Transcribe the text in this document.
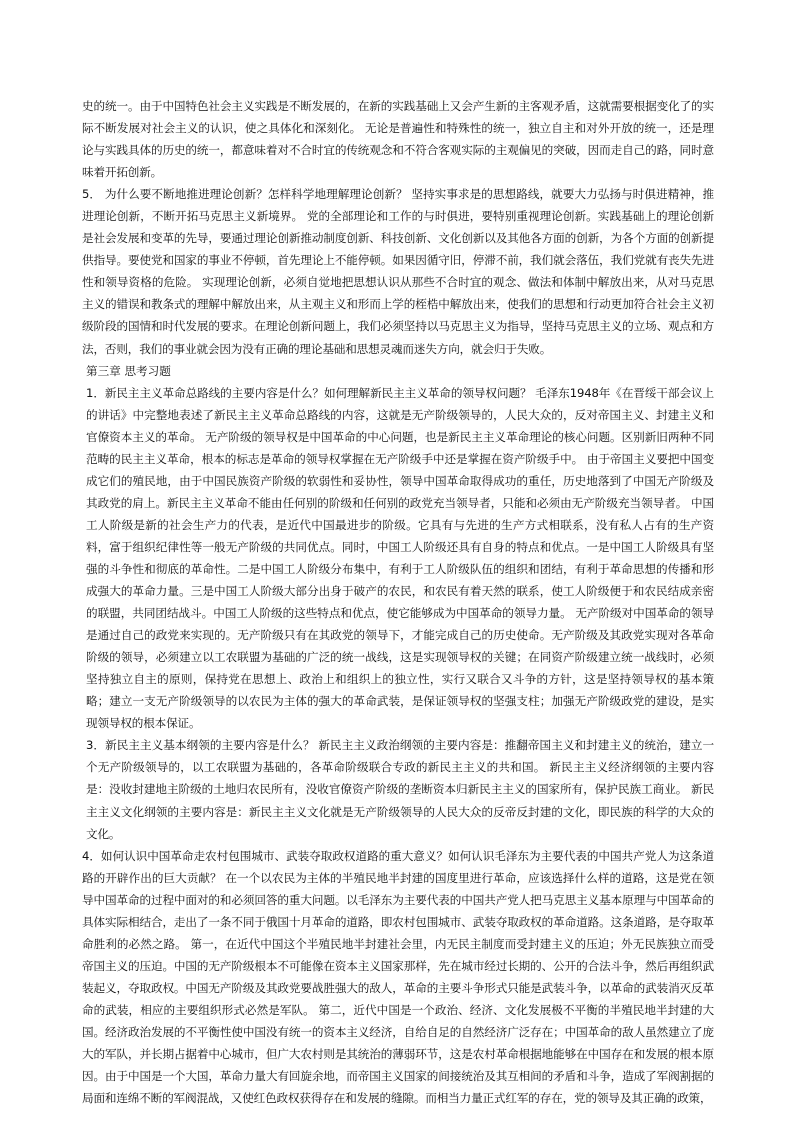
史的统一。由于中国特色社会主义实践是不断发展的，在新的实践基础上又会产生新的主客观矛盾，这就需要根据变化了的实际不断发展对社会主义的认识，使之具体化和深刻化。 无论是普遍性和特殊性的统一，独立自主和对外开放的统一，还是理论与实践具体的历史的统一，都意味着对不合时宜的传统观念和不符合客观实际的主观偏见的突破，因而走自己的路，同时意味着开拓创新。

5． 为什么要不断地推进理论创新？怎样科学地理解理论创新？ 坚持实事求是的思想路线，就要大力弘扬与时俱进精神，推进理论创新，不断开拓马克思主义新境界。 党的全部理论和工作的与时俱进，要特别重视理论创新。实践基础上的理论创新是社会发展和变革的先导，要通过理论创新推动制度创新、科技创新、文化创新以及其他各方面的创新，为各个方面的创新提供指导。要使党和国家的事业不停顿，首先理论上不能停顿。如果因循守旧，停滞不前，我们就会落伍，我们党就有丧失先进性和领导资格的危险。 实现理论创新，必须自觉地把思想认识从那些不合时宜的观念、做法和体制中解放出来，从对马克思主义的错误和教条式的理解中解放出来，从主观主义和形而上学的桎梏中解放出来，使我们的思想和行动更加符合社会主义初级阶段的国情和时代发展的要求。在理论创新问题上，我们必须坚持以马克思主义为指导，坚持马克思主义的立场、观点和方法，否则，我们的事业就会因为没有正确的理论基础和思想灵魂而迷失方向，就会归于失败。

第三章 思考习题

1．新民主主义革命总路线的主要内容是什么？如何理解新民主主义革命的领导权问题？ 毛泽东1948年《在晋绥干部会议上的讲话》中完整地表述了新民主主义革命总路线的内容，这就是无产阶级领导的，人民大众的，反对帝国主义、封建主义和官僚资本主义的革命。 无产阶级的领导权是中国革命的中心问题，也是新民主主义革命理论的核心问题。区别新旧两种不同范畴的民主主义革命，根本的标志是革命的领导权掌握在无产阶级手中还是掌握在资产阶级手中。 由于帝国主义要把中国变成它们的殖民地，由于中国民族资产阶级的软弱性和妥协性，领导中国革命取得成功的重任，历史地落到了中国无产阶级及其政党的肩上。新民主主义革命不能由任何别的阶级和任何别的政党充当领导者，只能和必须由无产阶级充当领导者。 中国工人阶级是新的社会生产力的代表，是近代中国最进步的阶级。它具有与先进的生产方式相联系，没有私人占有的生产资料，富于组织纪律性等一般无产阶级的共同优点。同时，中国工人阶级还具有自身的特点和优点。一是中国工人阶级具有坚强的斗争性和彻底的革命性。二是中国工人阶级分布集中，有利于工人阶级队伍的组织和团结，有利于革命思想的传播和形成强大的革命力量。三是中国工人阶级大部分出身于破产的农民，和农民有着天然的联系，使工人阶级便于和农民结成亲密的联盟，共同团结战斗。中国工人阶级的这些特点和优点，使它能够成为中国革命的领导力量。 无产阶级对中国革命的领导是通过自己的政党来实现的。无产阶级只有在其政党的领导下，才能完成自己的历史使命。无产阶级及其政党实现对各革命阶级的领导，必须建立以工农联盟为基础的广泛的统一战线，这是实现领导权的关键；在同资产阶级建立统一战线时，必须坚持独立自主的原则，保持党在思想上、政治上和组织上的独立性，实行又联合又斗争的方针，这是坚持领导权的基本策略；建立一支无产阶级领导的以农民为主体的强大的革命武装，是保证领导权的坚强支柱；加强无产阶级政党的建设，是实现领导权的根本保证。

3．新民主主义基本纲领的主要内容是什么？ 新民主主义政治纲领的主要内容是：推翻帝国主义和封建主义的统治，建立一个无产阶级领导的，以工农联盟为基础的，各革命阶级联合专政的新民主主义的共和国。 新民主主义经济纲领的主要内容是：没收封建地主阶级的土地归农民所有，没收官僚资产阶级的垄断资本归新民主主义的国家所有，保护民族工商业。 新民主主义文化纲领的主要内容是：新民主主义文化就是无产阶级领导的人民大众的反帝反封建的文化，即民族的科学的大众的文化。

4．如何认识中国革命走农村包围城市、武装夺取政权道路的重大意义？如何认识毛泽东为主要代表的中国共产党人为这条道路的开辟作出的巨大贡献？ 在一个以农民为主体的半殖民地半封建的国度里进行革命，应该选择什么样的道路，这是党在领导中国革命的过程中面对的和必须回答的重大问题。以毛泽东为主要代表的中国共产党人把马克思主义基本原理与中国革命的具体实际相结合，走出了一条不同于俄国十月革命的道路，即农村包围城市、武装夺取政权的革命道路。这条道路，是夺取革命胜利的必然之路。 第一，在近代中国这个半殖民地半封建社会里，内无民主制度而受封建主义的压迫；外无民族独立而受帝国主义的压迫。中国的无产阶级根本不可能像在资本主义国家那样，先在城市经过长期的、公开的合法斗争，然后再组织武装起义，夺取政权。中国无产阶级及其政党要战胜强大的敌人，革命的主要斗争形式只能是武装斗争，以革命的武装消灭反革命的武装，相应的主要组织形式必然是军队。 第二，近代中国是一个政治、经济、文化发展极不平衡的半殖民地半封建的大国。经济政治发展的不平衡性使中国没有统一的资本主义经济，自给自足的自然经济广泛存在；中国革命的敌人虽然建立了庞大的军队，并长期占据着中心城市，但广大农村则是其统治的薄弱环节，这是农村革命根据地能够在中国存在和发展的根本原因。由于中国是一个大国，革命力量大有回旋余地，而帝国主义国家的间接统治及其互相间的矛盾和斗争，造成了军阀割据的局面和连绵不断的军阀混战，又使红色政权获得存在和发展的缝隙。而相当力量正式红军的存在，党的领导及其正确的政策，
